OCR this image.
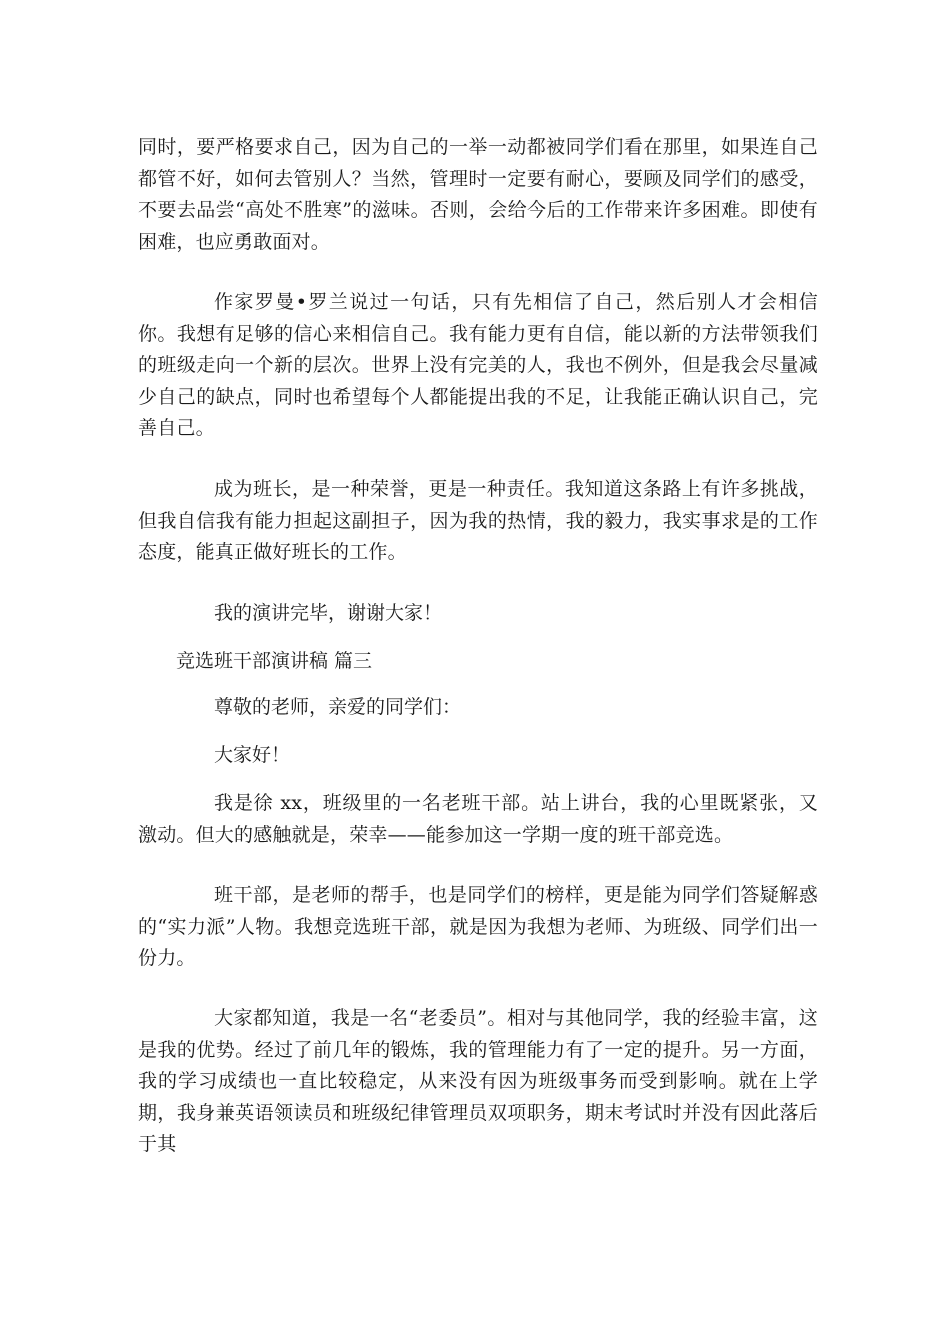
同时，要严格要求自己，因为自己的一举一动都被同学们看在那里，如果连自己都管不好，如何去管别人？当然，管理时一定要有耐心，要顾及同学们的感受，不要去品尝“高处不胜寒”的滋味。否则，会给今后的工作带来许多困难。即使有困难，也应勇敢面对。

作家罗曼•罗兰说过一句话，只有先相信了自己，然后别人才会相信你。我想有足够的信心来相信自己。我有能力更有自信，能以新的方法带领我们的班级走向一个新的层次。世界上没有完美的人，我也不例外，但是我会尽量减少自己的缺点，同时也希望每个人都能提出我的不足，让我能正确认识自己，完善自己。

成为班长，是一种荣誉，更是一种责任。我知道这条路上有许多挑战，但我自信我有能力担起这副担子，因为我的热情，我的毅力，我实事求是的工作态度，能真正做好班长的工作。

我的演讲完毕，谢谢大家！

竞选班干部演讲稿 篇三

尊敬的老师，亲爱的同学们：

大家好！

我是徐 xx，班级里的一名老班干部。站上讲台，我的心里既紧张，又激动。但大的感触就是，荣幸——能参加这一学期一度的班干部竞选。

班干部，是老师的帮手，也是同学们的榜样，更是能为同学们答疑解惑的“实力派”人物。我想竞选班干部，就是因为我想为老师、为班级、同学们出一份力。

大家都知道，我是一名“老委员”。相对与其他同学，我的经验丰富，这是我的优势。经过了前几年的锻炼，我的管理能力有了一定的提升。另一方面，我的学习成绩也一直比较稳定，从来没有因为班级事务而受到影响。就在上学期，我身兼英语领读员和班级纪律管理员双项职务，期末考试时并没有因此落后于其
